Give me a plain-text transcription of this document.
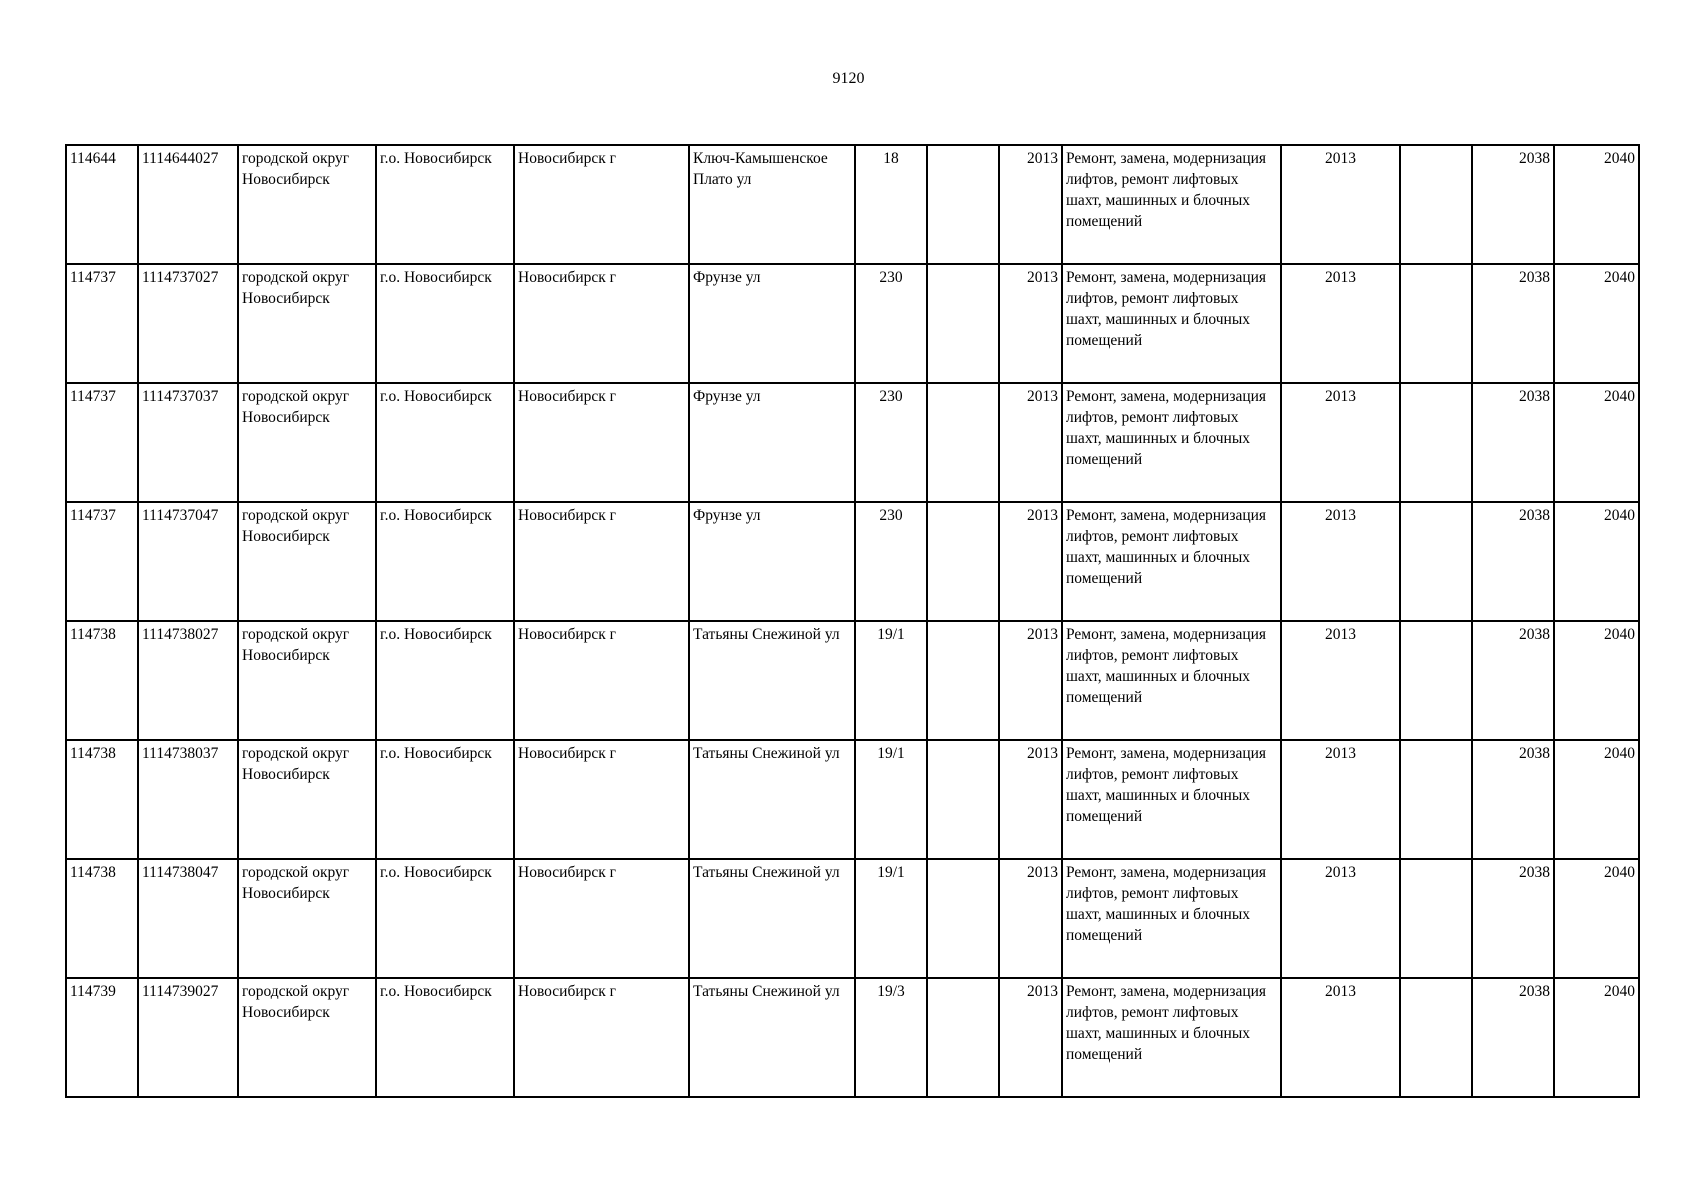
9120
114644	1114644027	городской округ Новосибирск	г.о. Новосибирск	Новосибирск г	Ключ-Камышенское Плато ул	18		2013	Ремонт, замена, модернизация лифтов, ремонт лифтовых шахт, машинных и блочных помещений	2013		2038	2040
114737	1114737027	городской округ Новосибирск	г.о. Новосибирск	Новосибирск г	Фрунзе ул	230		2013	Ремонт, замена, модернизация лифтов, ремонт лифтовых шахт, машинных и блочных помещений	2013		2038	2040
114737	1114737037	городской округ Новосибирск	г.о. Новосибирск	Новосибирск г	Фрунзе ул	230		2013	Ремонт, замена, модернизация лифтов, ремонт лифтовых шахт, машинных и блочных помещений	2013		2038	2040
114737	1114737047	городской округ Новосибирск	г.о. Новосибирск	Новосибирск г	Фрунзе ул	230		2013	Ремонт, замена, модернизация лифтов, ремонт лифтовых шахт, машинных и блочных помещений	2013		2038	2040
114738	1114738027	городской округ Новосибирск	г.о. Новосибирск	Новосибирск г	Татьяны Снежиной ул	19/1		2013	Ремонт, замена, модернизация лифтов, ремонт лифтовых шахт, машинных и блочных помещений	2013		2038	2040
114738	1114738037	городской округ Новосибирск	г.о. Новосибирск	Новосибирск г	Татьяны Снежиной ул	19/1		2013	Ремонт, замена, модернизация лифтов, ремонт лифтовых шахт, машинных и блочных помещений	2013		2038	2040
114738	1114738047	городской округ Новосибирск	г.о. Новосибирск	Новосибирск г	Татьяны Снежиной ул	19/1		2013	Ремонт, замена, модернизация лифтов, ремонт лифтовых шахт, машинных и блочных помещений	2013		2038	2040
114739	1114739027	городской округ Новосибирск	г.о. Новосибирск	Новосибирск г	Татьяны Снежиной ул	19/3		2013	Ремонт, замена, модернизация лифтов, ремонт лифтовых шахт, машинных и блочных помещений	2013		2038	2040
